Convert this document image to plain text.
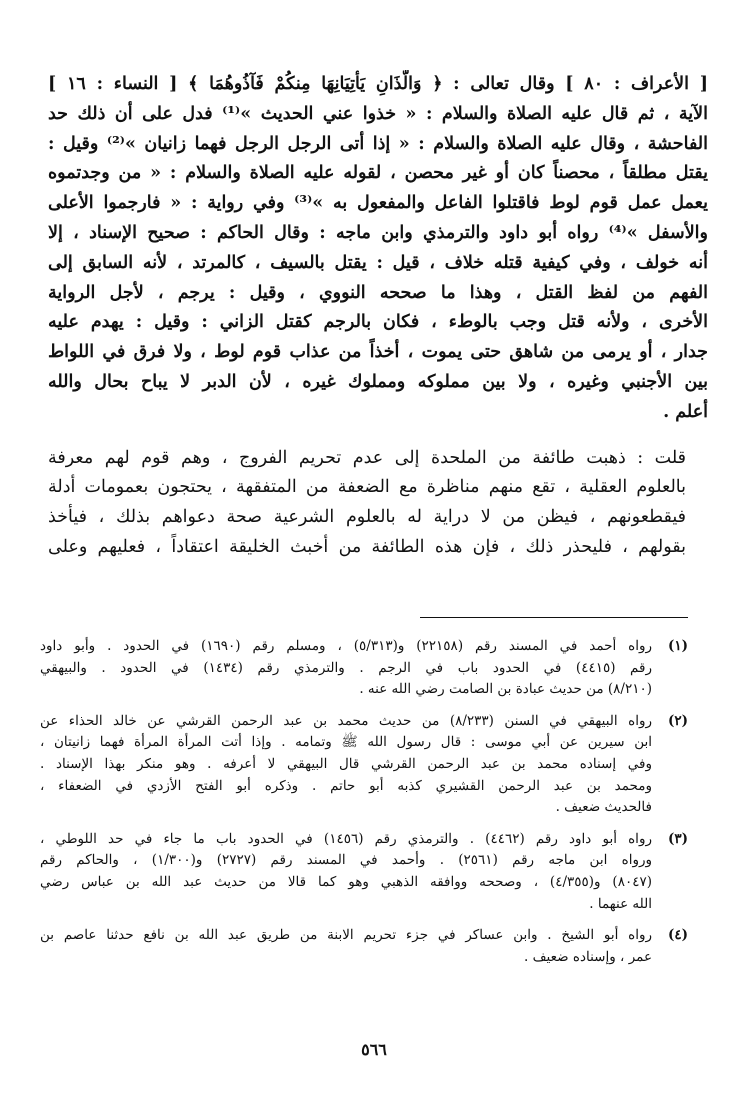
[ الأعراف : ٨٠ ] وقال تعالى : ﴿ وَالَّذَانِ يَأْتِيَانِهَا مِنكُمْ فَآذُوهُمَا ﴾ [ النساء : ١٦ ]
الآية ، ثم قال عليه الصلاة والسلام : « خذوا عني الحديث »⁽¹⁾ فدل على أن ذلك حد
الفاحشة ، وقال عليه الصلاة والسلام : « إذا أتى الرجل الرجل فهما زانيان »⁽²⁾ وقيل :
يقتل مطلقاً ، محصناً كان أو غير محصن ، لقوله عليه الصلاة والسلام : « من وجدتموه
يعمل عمل قوم لوط فاقتلوا الفاعل والمفعول به »⁽³⁾ وفي رواية : « فارجموا الأعلى
والأسفل »⁽⁴⁾ رواه أبو داود والترمذي وابن ماجه : وقال الحاكم : صحيح الإسناد ، إلا
أنه خولف ، وفي كيفية قتله خلاف ، قيل : يقتل بالسيف ، كالمرتد ، لأنه السابق إلى
الفهم من لفظ القتل ، وهذا ما صححه النووي ، وقيل : يرجم ، لأجل الرواية
الأخرى ، ولأنه قتل وجب بالوطء ، فكان بالرجم كقتل الزاني : وقيل : يهدم عليه
جدار ، أو يرمى من شاهق حتى يموت ، أخذاً من عذاب قوم لوط ، ولا فرق في اللواط
بين الأجنبي وغيره ، ولا بين مملوكه ومملوك غيره ، لأن الدبر لا يباح بحال والله
أعلم .
قلت : ذهبت طائفة من الملحدة إلى عدم تحريم الفروج ، وهم قوم لهم معرفة
بالعلوم العقلية ، تقع منهم مناظرة مع الضعفة من المتفقهة ، يحتجون بعمومات أدلة
فيقطعونهم ، فيظن من لا دراية له بالعلوم الشرعية صحة دعواهم بذلك ، فيأخذ
بقولهم ، فليحذر ذلك ، فإن هذه الطائفة من أخبث الخليقة اعتقاداً ، فعليهم وعلى
(١)
رواه أحمد في المسند رقم (٢٢١٥٨) و(٥/٣١٣) ، ومسلم رقم (١٦٩٠) في الحدود . وأبو داود
رقم (٤٤١٥) في الحدود باب في الرجم . والترمذي رقم (١٤٣٤) في الحدود . والبيهقي
(٨/٢١٠) من حديث عبادة بن الصامت رضي الله عنه .
(٢)
رواه البيهقي في السنن (٨/٢٣٣) من حديث محمد بن عبد الرحمن القرشي عن خالد الحذاء عن
ابن سيرين عن أبي موسى : قال رسول الله ﷺ وتمامه . وإذا أتت المرأة المرأة فهما زانيتان ،
وفي إسناده محمد بن عبد الرحمن القرشي قال البيهقي لا أعرفه . وهو منكر بهذا الإسناد .
ومحمد بن عبد الرحمن القشيري كذبه أبو حاتم . وذكره أبو الفتح الأزدي في الضعفاء ،
فالحديث ضعيف .
(٣)
رواه أبو داود رقم (٤٤٦٢) . والترمذي رقم (١٤٥٦) في الحدود باب ما جاء في حد اللوطي ،
ورواه ابن ماجه رقم (٢٥٦١) . وأحمد في المسند رقم (٢٧٢٧) و(١/٣٠٠) ، والحاكم رقم
(٨٠٤٧) و(٤/٣٥٥) ، وصححه ووافقه الذهبي وهو كما قالا من حديث عبد الله بن عباس رضي
الله عنهما .
(٤)
رواه أبو الشيخ . وابن عساكر في جزء تحريم الابنة من طريق عبد الله بن نافع حدثنا عاصم بن
عمر ، وإسناده ضعيف .
٥٦٦
